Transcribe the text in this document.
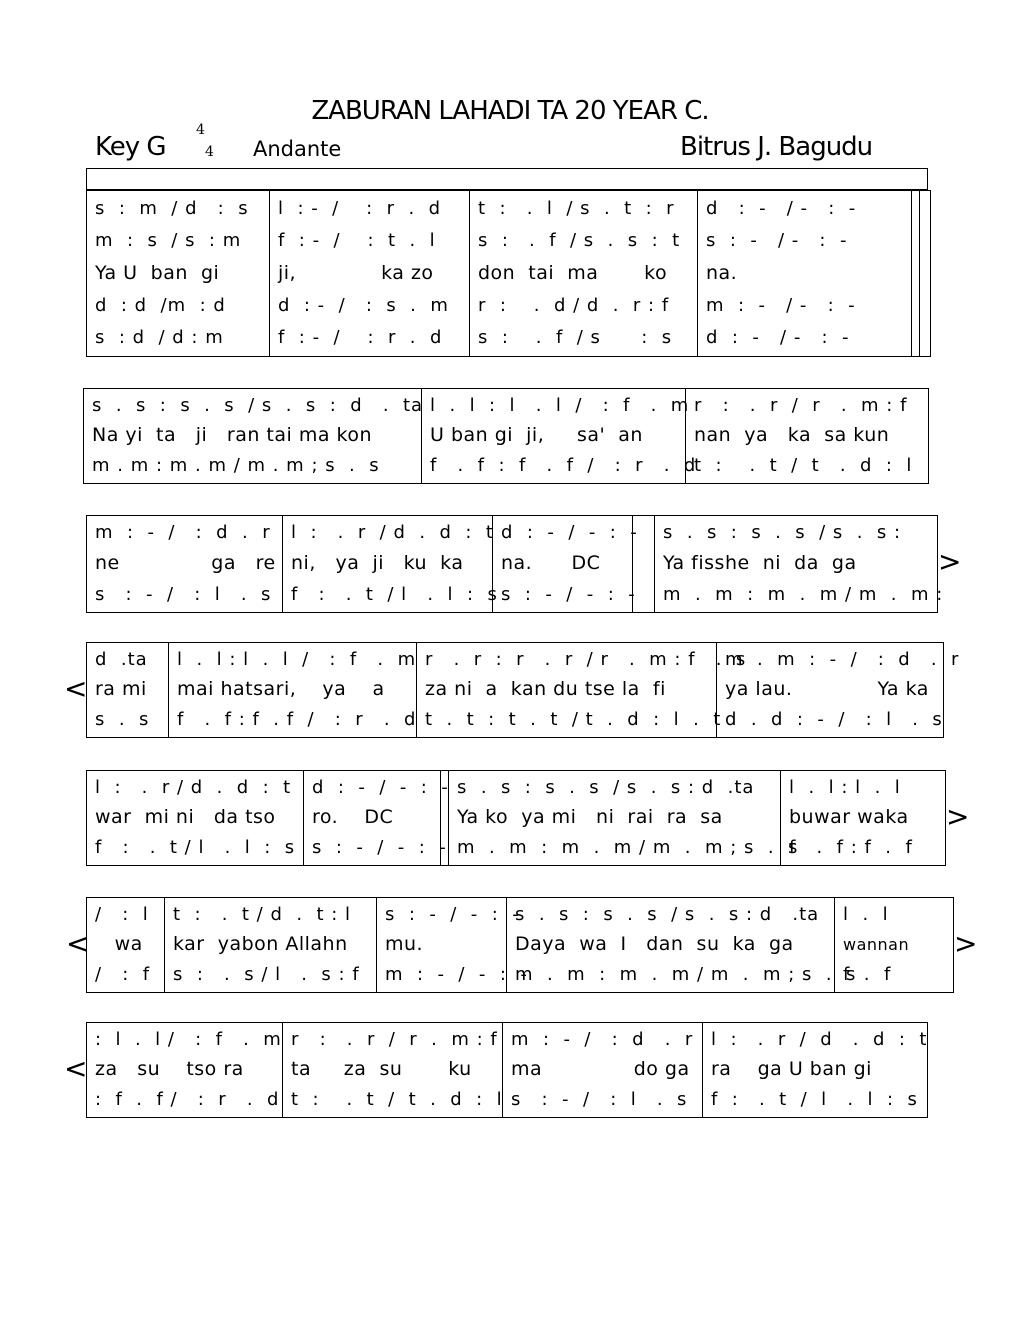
ZABURAN LAHADI TA 20 YEAR C.
Key G
4
4 Andante	Bitrus J. Bagudu
s  :  m  / d   :  s
m  :  s  / s  : m
Ya U  ban  gi
d  : d  /m  : d
s  : d  / d : m
l  : -  /    :  r  .  d
f  : -  /    :  t  .  l
ji,             ka zo
d  : -  /   :  s  .  m
f  : -  /    :  r  .  d
t  :   .  l  / s  .  t  :  r
s  :   .  f  / s  .  s  :  t
don  tai  ma       ko
r  :    .  d / d  .  r : f
s  :    .  f  / s      :  s
d   :  -   / -   :  -
s  :  -   / -   :  -
na.
m  :  -   / -   :  -
d  :  -   / -   :  -
s  .  s  :  s  .  s  / s  .  s  :  d   .  ta
Na yi  ta   ji   ran tai ma kon
m . m : m . m / m . m ; s  .  s
l  .  l  :  l   .  l  /   :  f   .  m
U ban gi  ji,     sa'  an
f   .  f  :  f   .  f  /   :  r   .  d
r   :   .  r  /  r   .  m : f
nan  ya   ka  sa kun
t  :    .  t  /  t   .  d  :  l
m  :  -  /   :  d  .  r
ne              ga   re
s   :  -  /   :  l   .  s
l  :   .  r  / d  .  d  :  t
ni,   ya  ji   ku  ka
f   :   .  t  / l   .  l  :  s
d  :  -  /  -  :  -
na.      DC
s  :  -  /  -  :  -
s  .  s  :  s  .  s  / s  .  s :
Ya fisshe  ni  da  ga
m  .  m  :  m  .  m / m  .  m :
>
d  .ta
ra mi
s  .  s
l  .  l : l  .  l  /   :  f   .  m
mai hatsari,    ya    a
f   .  f : f  . f  /   :  r   .  d
r   .  r  :  r   .  r  / r   .  m : f   .  s
za ni  a  kan du tse la  fi
t  .  t  :  t  .  t  / t  .  d  :  l  .  t
m  .  m  :  -  /   :  d   .  r
ya lau.             Ya ka
d  .  d  :  -  /   :  l   .  s
<
l  :   .  r / d  .  d  :  t
war  mi ni   da tso
f   :   .  t / l   .  l  :  s
d  :  -  /  -  :  -
ro.    DC
s  :  -  /  -  :  -
s  .  s  :  s  .  s  / s  .  s : d  .ta
Ya ko  ya mi   ni  rai  ra  sa
m  .  m  :  m  .  m / m  .  m ; s  .  s
l  .  l : l  .  l
buwar waka
f   .  f : f  .  f
>
/   :  l
wa
/   :  f
t  :   .  t / d  .  t : l
kar  yabon Allahn
s  :   .  s / l   .  s : f
s  :  -  /  -  :  -
mu.
m  :  -  /  -  :  -
s  .  s  :  s  .  s  / s  .  s : d   .ta
Daya  wa  I   dan  su  ka  ga
m  .  m  :  m  .  m / m  .  m ; s  .  s
l  .  l
wannan
f  .  f
<	>
:  l  .  l /   :  f   .  m
za   su    tso ra
:  f  .  f /   :  r   .  d
r   :   .  r  /  r  .  m : f
ta     za  su       ku
t  :    .  t  /  t  .  d  :  l
m  :  -  /   :  d   .  r
ma              do ga
s   :  -  /   :  l   .  s
l  :   .  r  /  d   .  d  :  t
ra    ga U ban gi
f  :   .  t  /  l   .  l  :  s
<
